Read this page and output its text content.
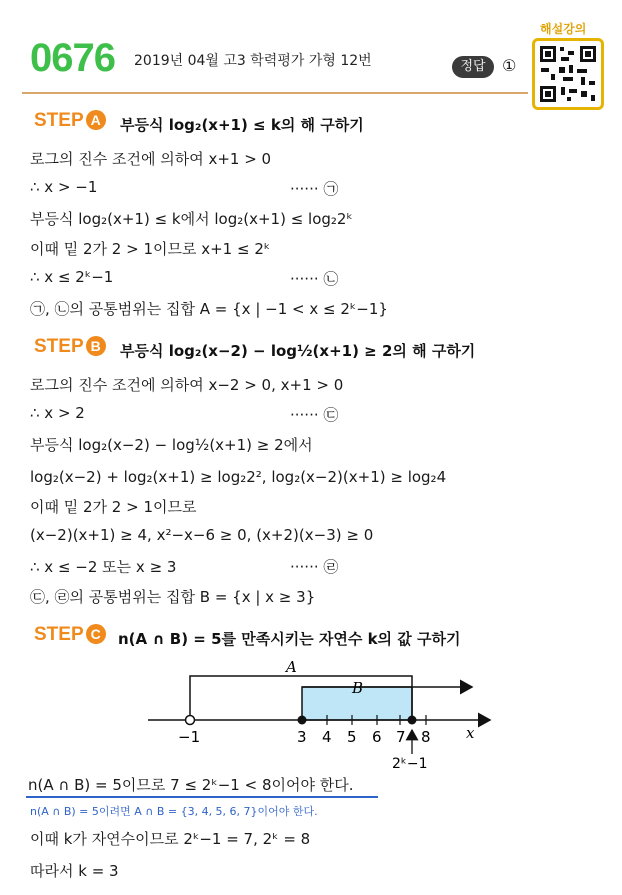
0676 2019년 04월 고3 학력평가 가형 12번	정답	①
해설강의
STEP A	부등식 log₂(x+1) ≤ k의 해 구하기
로그의 진수 조건에 의하여 x+1 > 0
∴ x > −1	······ ㉠
부등식 log₂(x+1) ≤ k에서 log₂(x+1) ≤ log₂2ᵏ
이때 밑 2가 2 > 1이므로 x+1 ≤ 2ᵏ
∴ x ≤ 2ᵏ−1	······ ㉡
㉠, ㉡의 공통범위는 집합 A = {x | −1 < x ≤ 2ᵏ−1}
STEP B	부등식 log₂(x−2) − log½(x+1) ≥ 2의 해 구하기
로그의 진수 조건에 의하여 x−2 > 0, x+1 > 0
∴ x > 2	······ ㉢
부등식 log₂(x−2) − log½(x+1) ≥ 2에서
log₂(x−2) + log₂(x+1) ≥ log₂2², log₂(x−2)(x+1) ≥ log₂4
이때 밑 2가 2 > 1이므로
(x−2)(x+1) ≥ 4, x²−x−6 ≥ 0, (x+2)(x−3) ≥ 0
∴ x ≤ −2 또는 x ≥ 3	······ ㉣
㉢, ㉣의 공통범위는 집합 B = {x | x ≥ 3}
STEP C	n(A ∩ B) = 5를 만족시키는 자연수 k의 값 구하기
A
B
x
−1	3 4 5 6 7 8
2ᵏ−1
n(A ∩ B) = 5이므로 7 ≤ 2ᵏ−1 < 8이어야 한다.
n(A ∩ B) = 5이려면 A ∩ B = {3, 4, 5, 6, 7}이어야 한다.
이때 k가 자연수이므로 2ᵏ−1 = 7, 2ᵏ = 8
따라서 k = 3
